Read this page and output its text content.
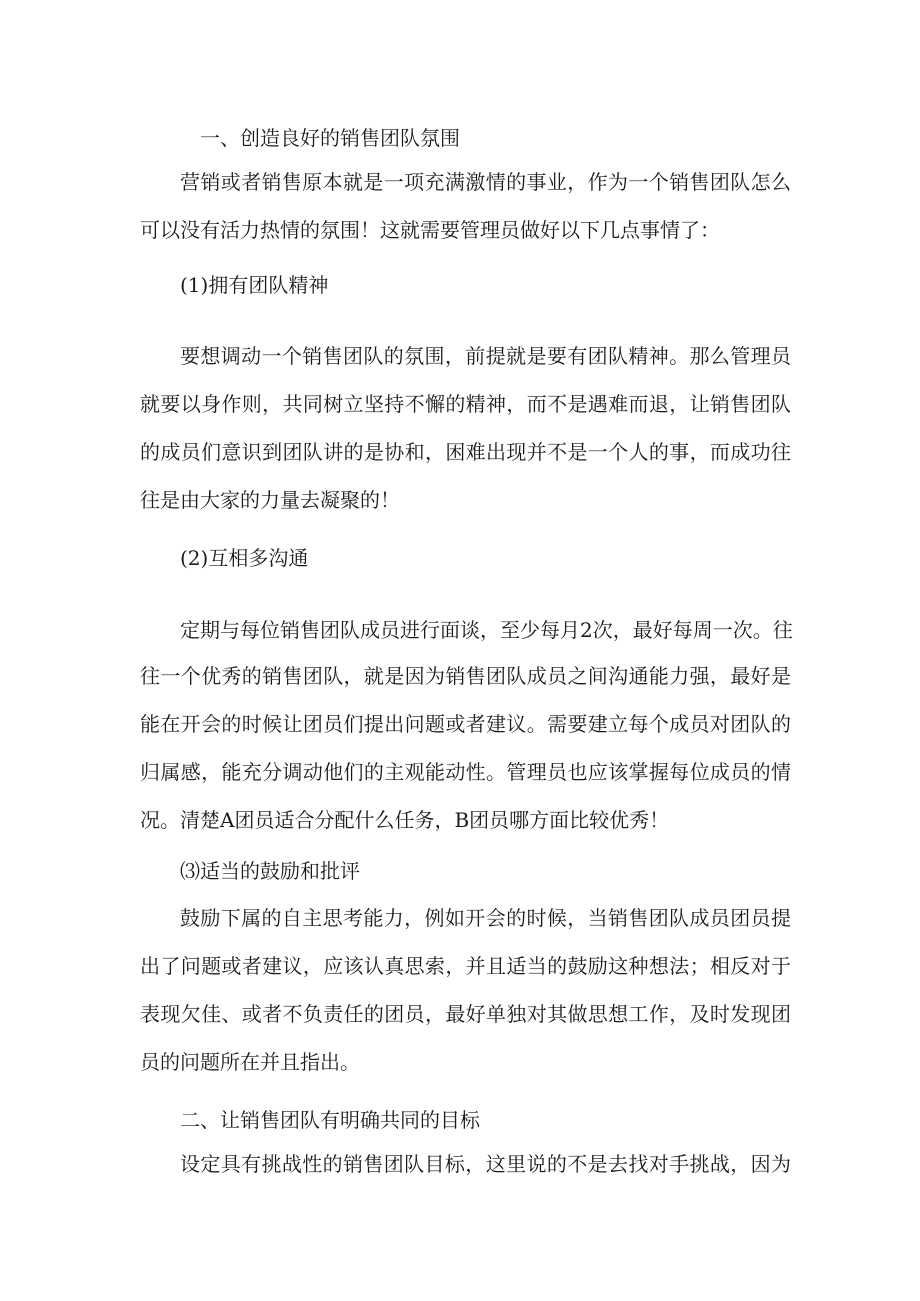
一、创造良好的销售团队氛围

营销或者销售原本就是一项充满激情的事业，作为一个销售团队怎么
可以没有活力热情的氛围！这就需要管理员做好以下几点事情了：

(1)拥有团队精神

要想调动一个销售团队的氛围，前提就是要有团队精神。那么管理员
就要以身作则，共同树立坚持不懈的精神，而不是遇难而退，让销售团队
的成员们意识到团队讲的是协和，困难出现并不是一个人的事，而成功往
往是由大家的力量去凝聚的！

(2)互相多沟通

定期与每位销售团队成员进行面谈，至少每月2次，最好每周一次。往
往一个优秀的销售团队，就是因为销售团队成员之间沟通能力强，最好是
能在开会的时候让团员们提出问题或者建议。需要建立每个成员对团队的
归属感，能充分调动他们的主观能动性。管理员也应该掌握每位成员的情
况。清楚A团员适合分配什么任务，B团员哪方面比较优秀！

⑶适当的鼓励和批评

鼓励下属的自主思考能力，例如开会的时候，当销售团队成员团员提
出了问题或者建议，应该认真思索，并且适当的鼓励这种想法；相反对于
表现欠佳、或者不负责任的团员，最好单独对其做思想工作，及时发现团
员的问题所在并且指出。

二、让销售团队有明确共同的目标

设定具有挑战性的销售团队目标，这里说的不是去找对手挑战，因为
